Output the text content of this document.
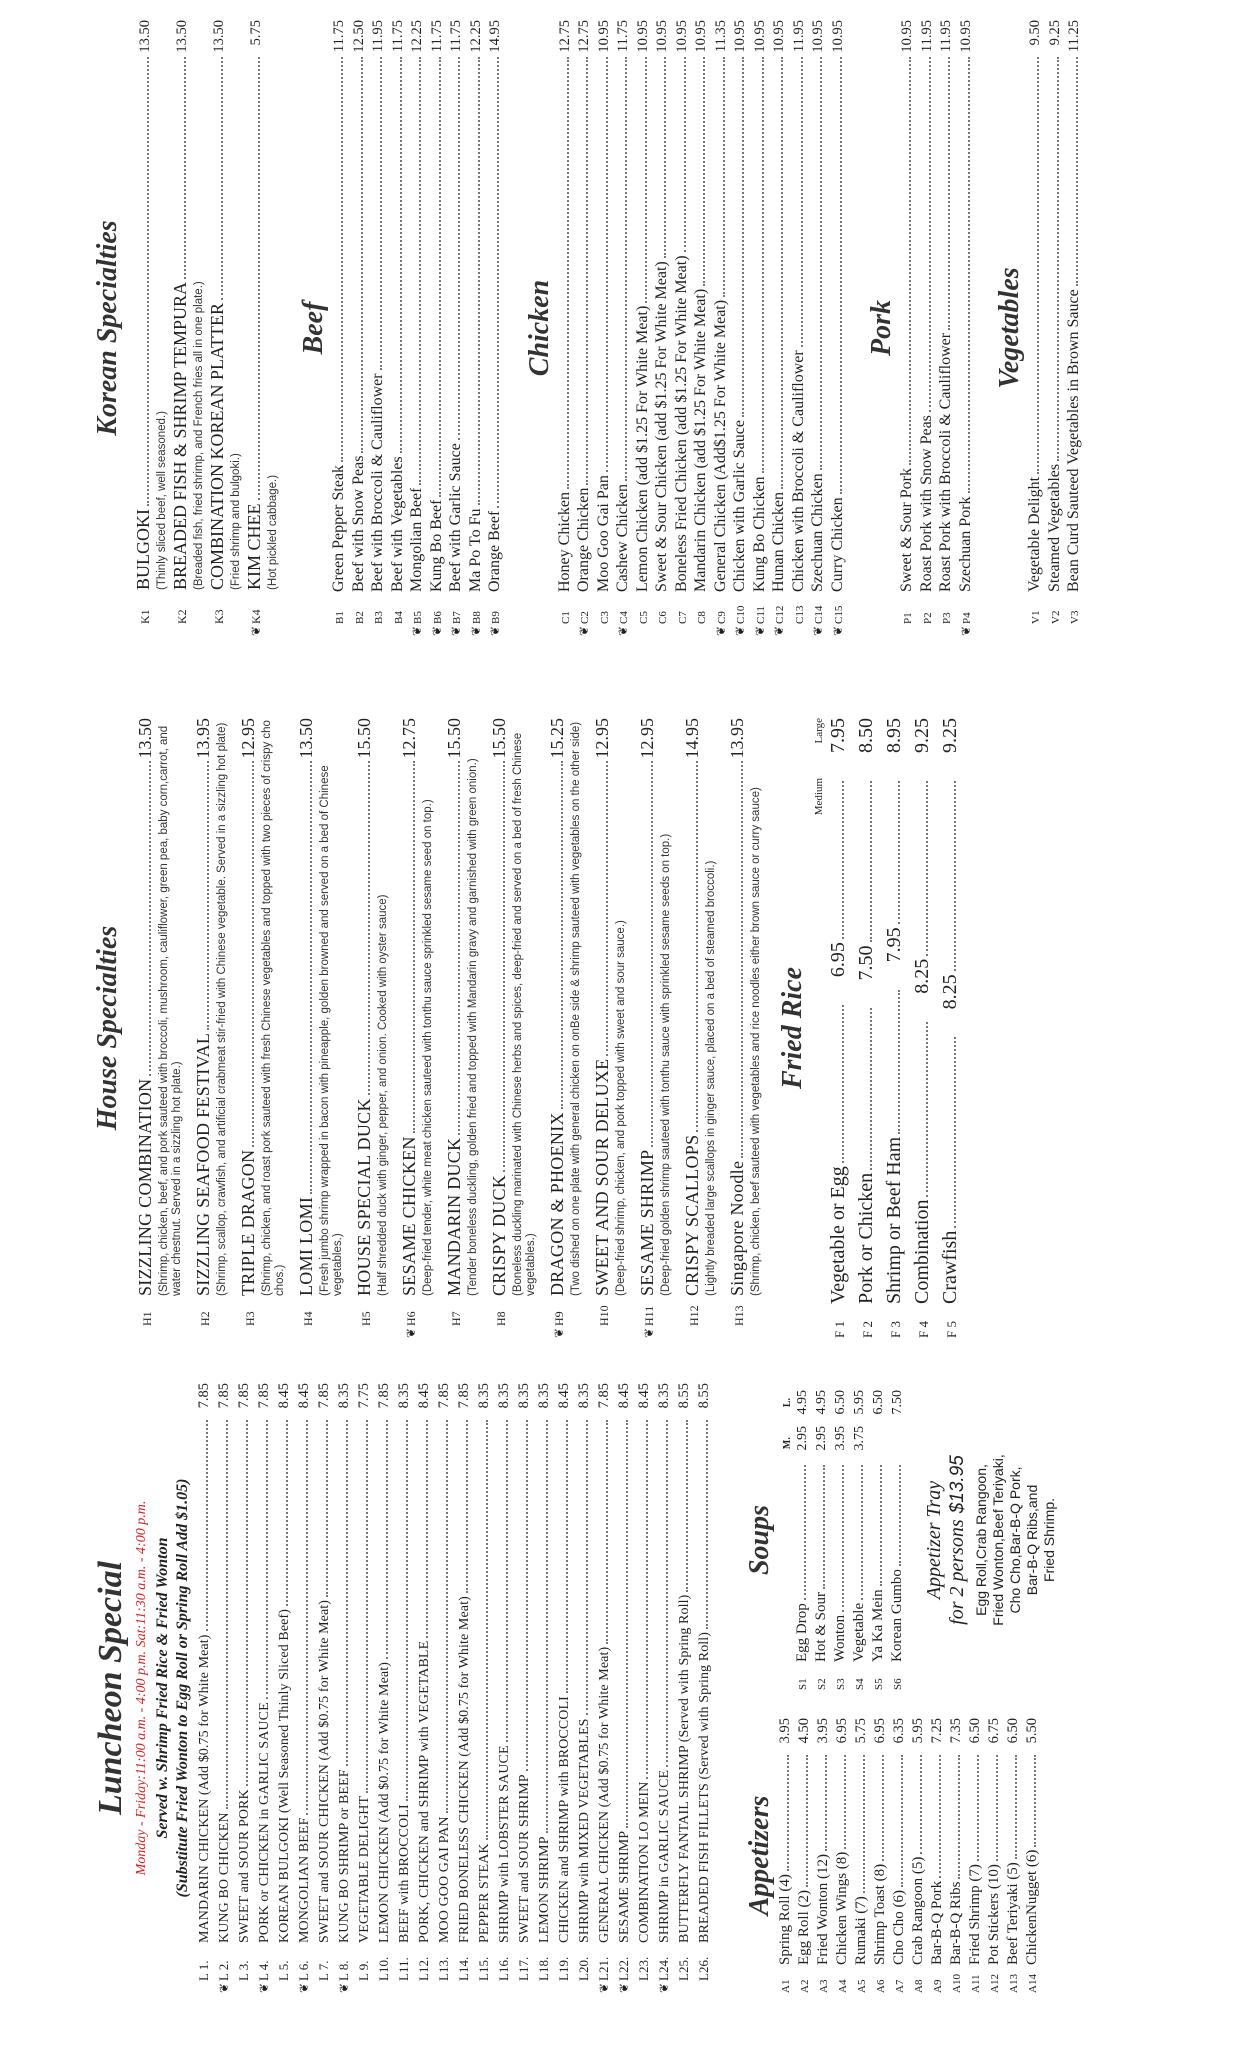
Luncheon Special Monday - Friday:11:00 a.m. - 4:00 p.m. Sat:11:30 a.m. - 4:00 p.m. Served w. Shrimp Fried Rice & Fried Wonton (Substitute Fried Wonton to Egg Roll or Spring Roll Add $1.05)
L 1.
MANDARIN CHICKEN (Add $0.75 for White Meat)
7.85
❦
L 2.
KUNG BO CHICKEN
7.85
L 3.
SWEET and SOUR PORK
7.85
❦
L 4.
PORK or CHICKEN in GARLIC SAUCE
7.85
L 5.
KOREAN BULGOKI (Well Seasoned Thinly Sliced Beef)
8.45
❦
L 6.
MONGOLIAN BEEF
8.45
L 7.
SWEET and SOUR CHICKEN (Add $0.75 for White Meat)
7.85
❦
L 8.
KUNG BO SHRIMP or BEEF
8.35
L 9.
VEGETABLE DELIGHT
7.75
L10.
LEMON CHICKEN (Add $0.75 for White Meat)
7.85
L11.
BEEF with BROCCOLI
8.35
L12.
PORK, CHICKEN and SHRIMP with VEGETABLE
8.45
L13.
MOO GOO GAI PAN
7.85
L14.
FRIED BONELESS CHICKEN (Add $0.75 for White Meat)
7.85
L15.
PEPPER STEAK
8.35
L16.
SHRIMP with LOBSTER SAUCE
8.35
L17.
SWEET and SOUR SHRIMP
8.35
L18.
LEMON SHRIMP
8.35
L19.
CHICKEN and SHRIMP with BROCCOLI
8.45
L20.
SHRIMP with MIXED VEGETABLES
8.35
❦
L21.
GENERAL CHICKEN (Add $0.75 for White Meat)
7.85
❦
L22.
SESAME SHRIMP
8.45
L23.
COMBINATION LO MEIN
8.45
❦
L24.
SHRIMP in GARLIC SAUCE
8.35
L25.
BUTTERFLY FANTAIL SHRIMP (Served with Spring Roll)
8.55
L26.
BREADED FISH FILLETS (Served with Spring Roll)
8.55
Appetizers
A1
Spring Roll (4)
3.95
A2
Egg Roll (2)
4.50
A3
Fried Wonton (12)
3.95
A4
Chicken Wings (8)
6.95
A5
Rumaki (7)
5.75
A6
Shrimp Toast (8)
6.95
A7
Cho Cho (6)
6.35
A8
Crab Rangoon (5)
5.95
A9
Bar-B-Q Pork
7.25
A10
Bar-B-Q Ribs
7.35
A11
Fried Shrimp (7)
6.50
A12
Pot Stickers (10)
6.75
A13
Beef Teriyaki (5)
6.50
A14
ChickenNugget (6)
5.50
Soups
M.
L.
S1
Egg Drop
2.95
4.95
S2
Hot & Sour
2.95
4.95
S3
Wonton
3.95
6.50
S4
Vegetable
3.75
5.95
S5
Ya Ka Mein
6.50
S6
Korean Gumbo
7.50
Appetizer Tray for 2 persons
$13.95 Egg Roll,Crab Rangoon, Fried Wonton,Beef Teriyaki, Cho Cho,Bar-B-Q Pork, Bar-B-Q Ribs,and Fried Shrimp.
House Specialties
H1
SIZZLING COMBINATION
13.50 (Shrimp, chicken, beef, and pork sauteed with broccoli, mushroom, cauliflower, green pea, baby corn,carrot, and water chestnut. Served in a sizzling hot plate.)
H2
SIZZLING SEAFOOD FESTIVAL
13.95 (Shrimp, scallop, crawfish, and artificial crabmeat stir-fried with Chinese vegetable. Served in a sizzling hot plate)
H3
TRIPLE DRAGON
12.95 (Shrimp, chicken, and roast pork sauteed with fresh Chinese vegetables and topped with two pieces of crispy cho chos.)
H4
LOMI LOMI
13.50
(Fresh jumbo shrimp wrapped in bacon with pineapple, golden browned and served on a bed of Chinese vegetables.)
H5
HOUSE SPECIAL DUCK
15.50
(Half shredded duck with ginger, pepper, and onion. Cooked with oyster sauce)
❦
H6
SESAME CHICKEN
12.75
(Deep-fried tender, white meat chicken sauteed with tonthu sauce sprinkled sesame seed on top.)
H7
MANDARIN DUCK
15.50
(Tender boneless duckling, golden fried and topped with Mandarin gravy and garnished with green onion.)
H8
CRISPY DUCK
15.50 (Boneless duckling marinated with Chinese herbs and spices, deep-fried and served on a bed of fresh Chinese vegetables.)
❦
H9
DRAGON & PHOENIX
15.25 (Two dished on one plate with general chicken on onBe side & shrimp sauteed with vegetables on the other side)
H10
SWEET AND SOUR DELUXE
12.95
(Deep-fried shrimp, chicken, and pork topped with sweet and sour sauce.)
❦
H11
SESAME SHRIMP
12.95
(Deep-fried golden shrimp sauteed with tonthu sauce with sprinkled sesame seeds on top.)
H12
CRISPY SCALLOPS
14.95
(Lightly breaded large scallops in ginger sauce, placed on a bed of steamed broccoli.)
H13
Singapore Noodle
13.95
(Shrimp, chicken, beef sauteed with vegetables and rice noodles either brown sauce or curry sauce) Fried Rice
Medium
Large
F 1
Vegetable or Egg
6.95
7.95
F 2
Pork or Chicken
7.50
8.50
F 3
Shrimp or Beef Ham
7.95
8.95
F 4
Combination
8.25
9.25
F 5
Crawfish
8.25
9.25
Korean Specialties
K1
BULGOKI
13.50
(Thinly sliced beef, well seasoned.)
K2
BREADED FISH & SHRIMP TEMPURA
13.50
(Breaded fish, fried shrimp, and French fries all in one plate.)
K3
COMBINATION KOREAN PLATTER
13.50
(Fried shrimp and bulgoki.)
❦
K4
KIM CHEE
5.75
(Hot pickled cabbage.)
Beef
B1
Green Pepper Steak
11.75
B2
Beef with Snow Peas
12.50
B3
Beef with Broccoli & Cauliflower
11.95
B4
Beef with Vegetables
11.75
❦
B5
Mongolian Beef
12.25
❦
B6
Kung Bo Beef
11.75
❦
B7
Beef with Garlic Sauce
11.75
❦
B8
Ma Po To Fu
12.25
❦
B9
Orange Beef
14.95
Chicken
C1
Honey Chicken
12.75
❦
C2
Orange Chicken
12.75
C3
Moo Goo Gai Pan
10.95
❦
C4
Cashew Chicken
11.75
C5
Lemon Chicken (add $1.25 For White Meat)
10.95
C6
Sweet & Sour Chicken (add $1.25 For White Meat)
10.95
C7
Boneless Fried Chicken (add $1.25 For White Meat)
10.95
C8
Mandarin Chicken (add $1.25 For White Meat)
10.95
❦
C9
General Chicken (Add$1.25 For White Meat)
11.35
❦
C10
Chicken with Garlic Sauce
10.95
❦
C11
Kung Bo Chicken
10.95
❦
C12
Hunan Chicken
10.95
C13
Chicken with Broccoli & Cauliflower
11.95
❦
C14
Szechuan Chicken
10.95
❦
C15
Curry Chicken
10.95
Pork
P1
Sweet & Sour Pork
10.95
P2
Roast Pork with Snow Peas
11.95
P3
Roast Pork with Broccoli & Cauliflower
11.95
❦
P4
Szechuan Pork
10.95
Vegetables
V1
Vegetable Delight
9.50
V2
Steamed Vegetables
9.25
V3
Bean Curd Sauteed Vegetables in Brown Sauce
11.25
